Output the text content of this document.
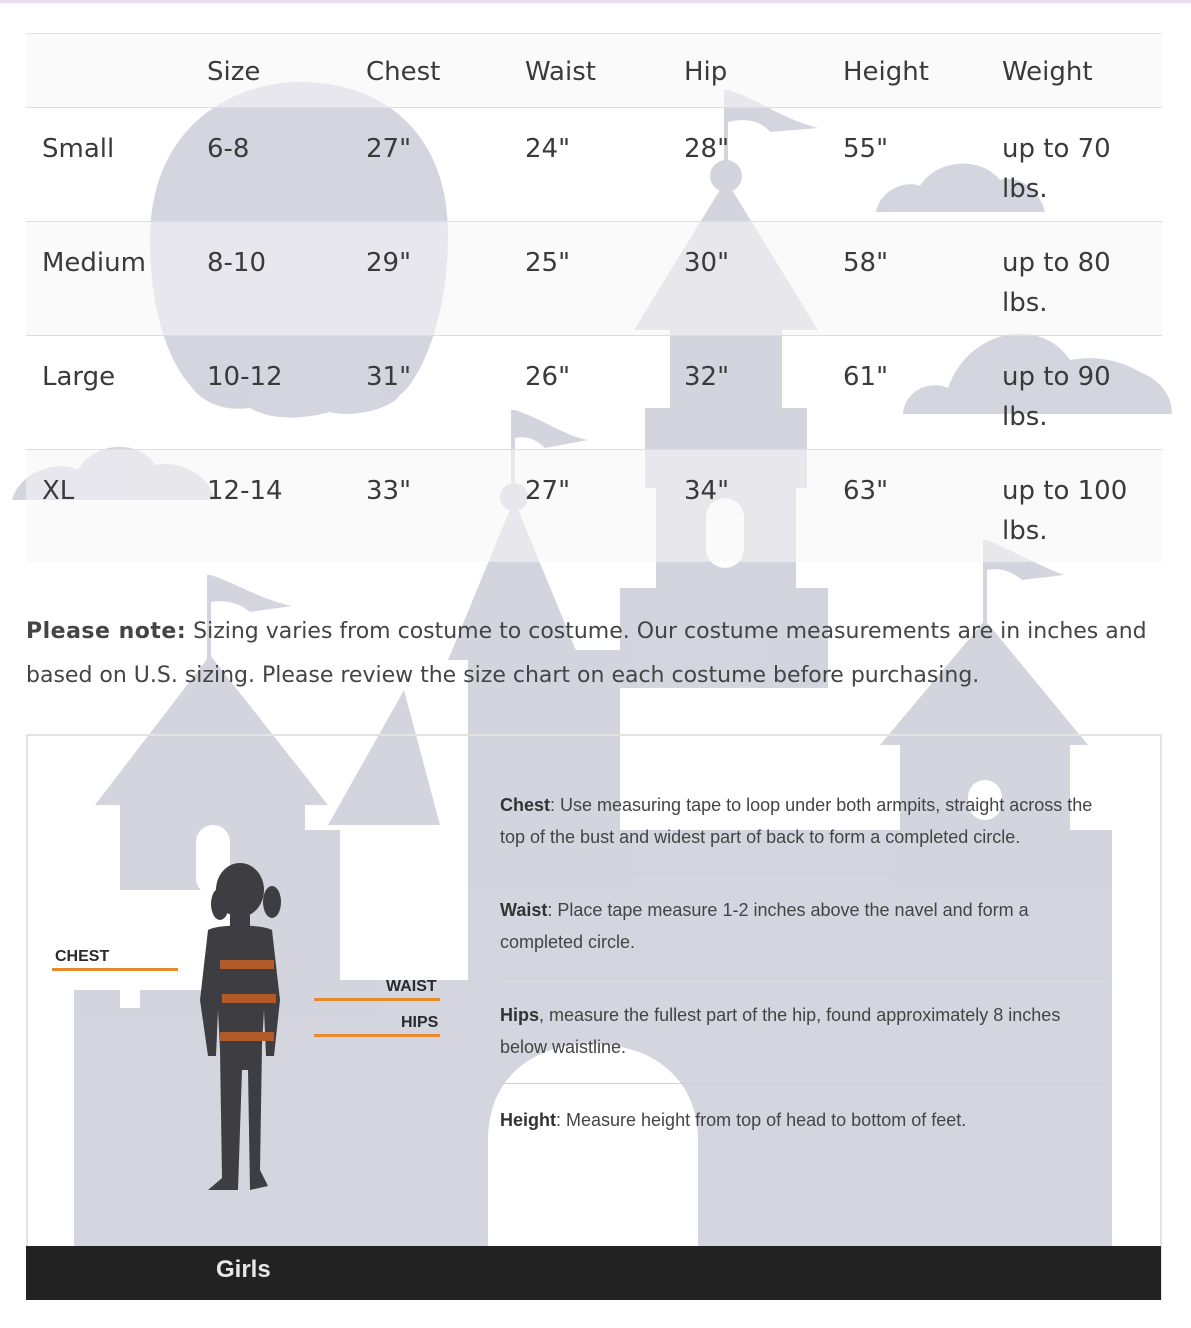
	Size	Chest	Waist	Hip	Height	Weight
Small	6-8	27"	24"	28"	55"	up to 70 lbs.
Medium	8-10	29"	25"	30"	58"	up to 80 lbs.
Large	10-12	31"	26"	32"	61"	up to 90 lbs.
XL	12-14	33"	27"	34"	63"	up to 100 lbs.

Please note: Sizing varies from costume to costume. Our costume measurements are in inches and based on U.S. sizing. Please review the size chart on each costume before purchasing.

CHEST
WAIST
HIPS

Chest: Use measuring tape to loop under both armpits, straight across the top of the bust and widest part of back to form a completed circle.

Waist: Place tape measure 1-2 inches above the navel and form a completed circle.

Hips, measure the fullest part of the hip, found approximately 8 inches below waistline.

Height: Measure height from top of head to bottom of feet.

Girls
